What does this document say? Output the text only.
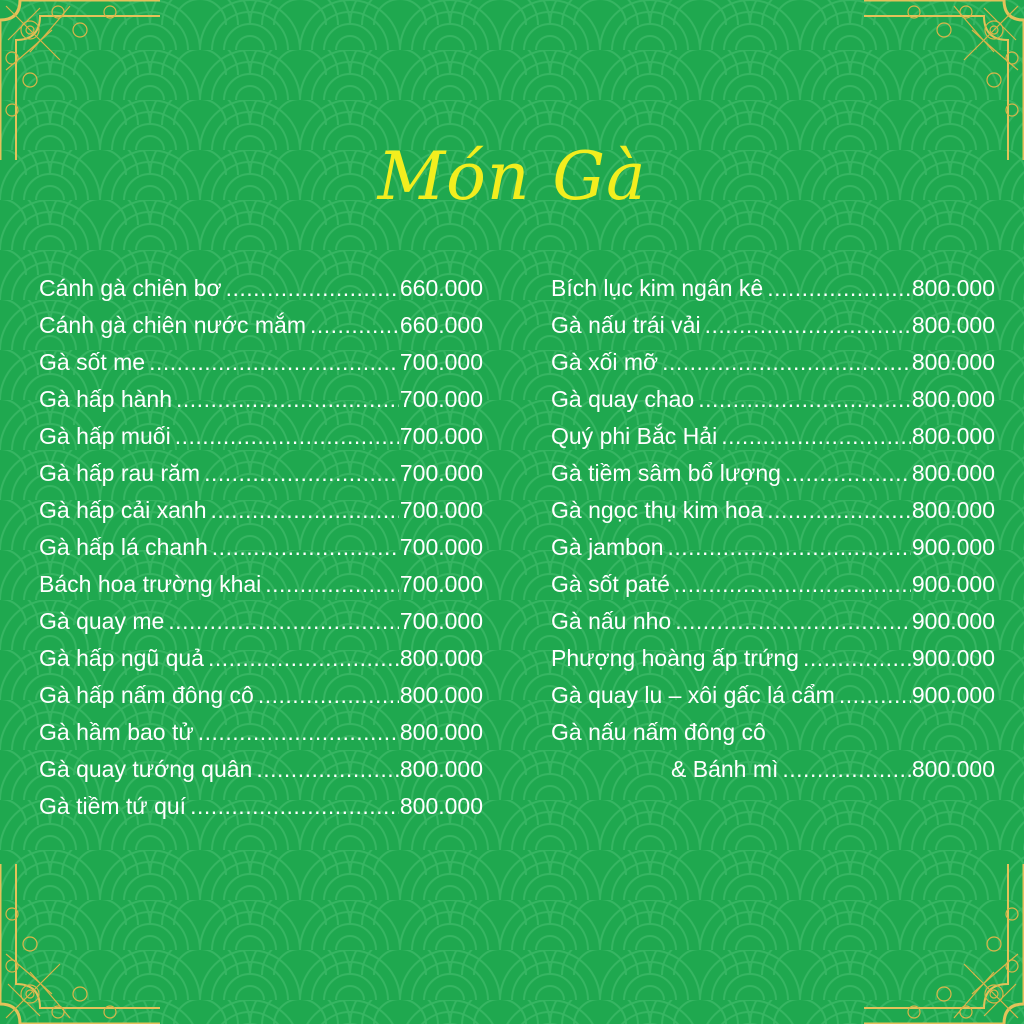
Món Gà
Cánh gà chiên bơ .....	660.000
Cánh gà chiên nước mắm .....	660.000
Gà sốt me .....	700.000
Gà hấp hành .....	700.000
Gà hấp muối .....	700.000
Gà hấp rau răm .....	700.000
Gà hấp cải xanh .....	700.000
Gà hấp lá chanh .....	700.000
Bách hoa trường khai .....	700.000
Gà quay me .....	700.000
Gà hấp ngũ quả .....	800.000
Gà hấp nấm đông cô .....	800.000
Gà hầm bao tử .....	800.000
Gà quay tướng quân .....	800.000
Gà tiềm tứ quí .....	800.000
Bích lục kim ngân kê .....	800.000
Gà nấu trái vải .....	800.000
Gà xối mỡ .....	800.000
Gà quay chao .....	800.000
Quý phi Bắc Hải .....	800.000
Gà tiềm sâm bổ lượng .....	800.000
Gà ngọc thụ kim hoa .....	800.000
Gà jambon .....	900.000
Gà sốt paté .....	900.000
Gà nấu nho .....	900.000
Phượng hoàng ấp trứng .....	900.000
Gà quay lu – xôi gấc lá cẩm .....	900.000
Gà nấu nấm đông cô
& Bánh mì .....	800.000
